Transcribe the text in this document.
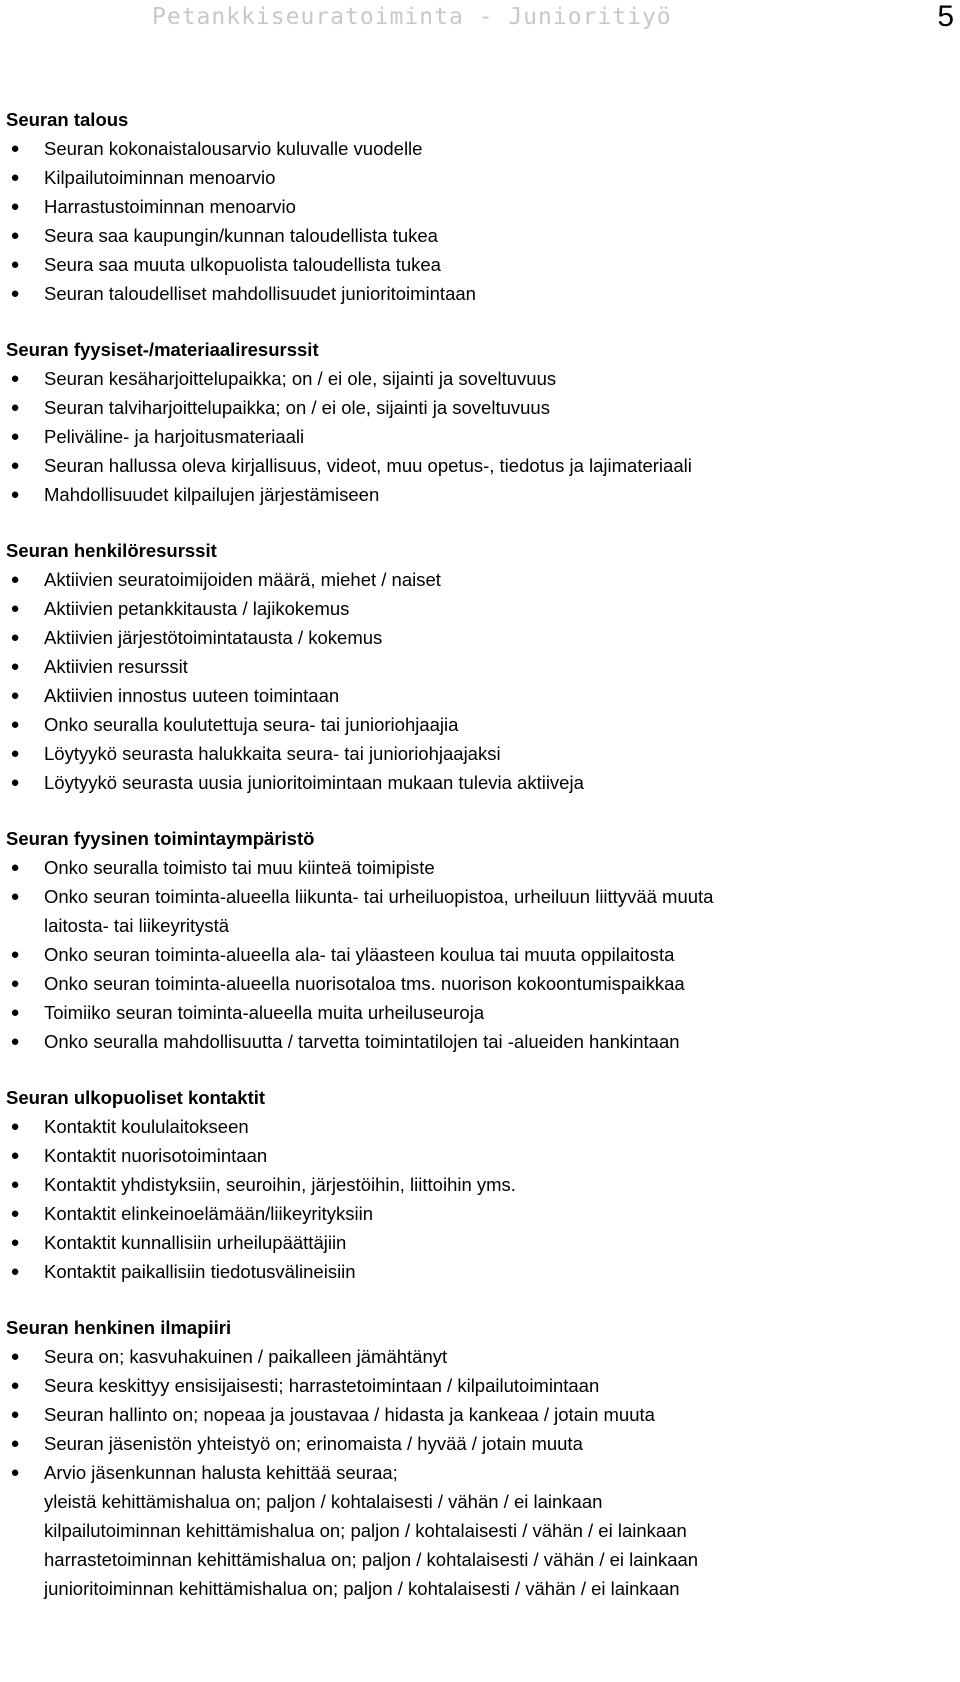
Petankkiseuratoiminta - Junioritiyö	5
Seuran talous
● Seuran kokonaistalousarvio kuluvalle vuodelle
● Kilpailutoiminnan menoarvio
● Harrastustoiminnan menoarvio
● Seura saa kaupungin/kunnan taloudellista tukea
● Seura saa muuta ulkopuolista taloudellista tukea
● Seuran taloudelliset mahdollisuudet junioritoimintaan
Seuran fyysiset-/materiaaliresurssit
● Seuran kesäharjoittelupaikka; on / ei ole, sijainti ja soveltuvuus
● Seuran talviharjoittelupaikka; on / ei ole, sijainti ja soveltuvuus
● Peliväline- ja harjoitusmateriaali
● Seuran hallussa oleva kirjallisuus, videot, muu opetus-, tiedotus ja lajimateriaali
● Mahdollisuudet kilpailujen järjestämiseen
Seuran henkilöresurssit
● Aktiivien seuratoimijoiden määrä, miehet / naiset
● Aktiivien petankkitausta / lajikokemus
● Aktiivien järjestötoimintatausta / kokemus
● Aktiivien resurssit
● Aktiivien innostus uuteen toimintaan
● Onko seuralla koulutettuja seura- tai junioriohjaajia
● Löytyykö seurasta halukkaita seura- tai junioriohjaajaksi
● Löytyykö seurasta uusia junioritoimintaan mukaan tulevia aktiiveja
Seuran fyysinen toimintaympäristö
● Onko seuralla toimisto tai muu kiinteä toimipiste
● Onko seuran toiminta-alueella liikunta- tai urheiluopistoa, urheiluun liittyvää muuta
laitosta- tai liikeyritystä
● Onko seuran toiminta-alueella ala- tai yläasteen koulua tai muuta oppilaitosta
● Onko seuran toiminta-alueella nuorisotaloa tms. nuorison kokoontumispaikkaa
● Toimiiko seuran toiminta-alueella muita urheiluseuroja
● Onko seuralla mahdollisuutta / tarvetta toimintatilojen tai -alueiden hankintaan
Seuran ulkopuoliset kontaktit
● Kontaktit koululaitokseen
● Kontaktit nuorisotoimintaan
● Kontaktit yhdistyksiin, seuroihin, järjestöihin, liittoihin yms.
● Kontaktit elinkeinoelämään/liikeyrityksiin
● Kontaktit kunnallisiin urheilupäättäjiin
● Kontaktit paikallisiin tiedotusvälineisiin
Seuran henkinen ilmapiiri
● Seura on; kasvuhakuinen / paikalleen jämähtänyt
● Seura keskittyy ensisijaisesti; harrastetoimintaan / kilpailutoimintaan
● Seuran hallinto on; nopeaa ja joustavaa / hidasta ja kankeaa / jotain muuta
● Seuran jäsenistön yhteistyö on; erinomaista / hyvää / jotain muuta
● Arvio jäsenkunnan halusta kehittää seuraa;
yleistä kehittämishalua on; paljon / kohtalaisesti / vähän / ei lainkaan
kilpailutoiminnan kehittämishalua on; paljon / kohtalaisesti / vähän / ei lainkaan
harrastetoiminnan kehittämishalua on; paljon / kohtalaisesti / vähän / ei lainkaan
junioritoiminnan kehittämishalua on; paljon / kohtalaisesti / vähän / ei lainkaan
